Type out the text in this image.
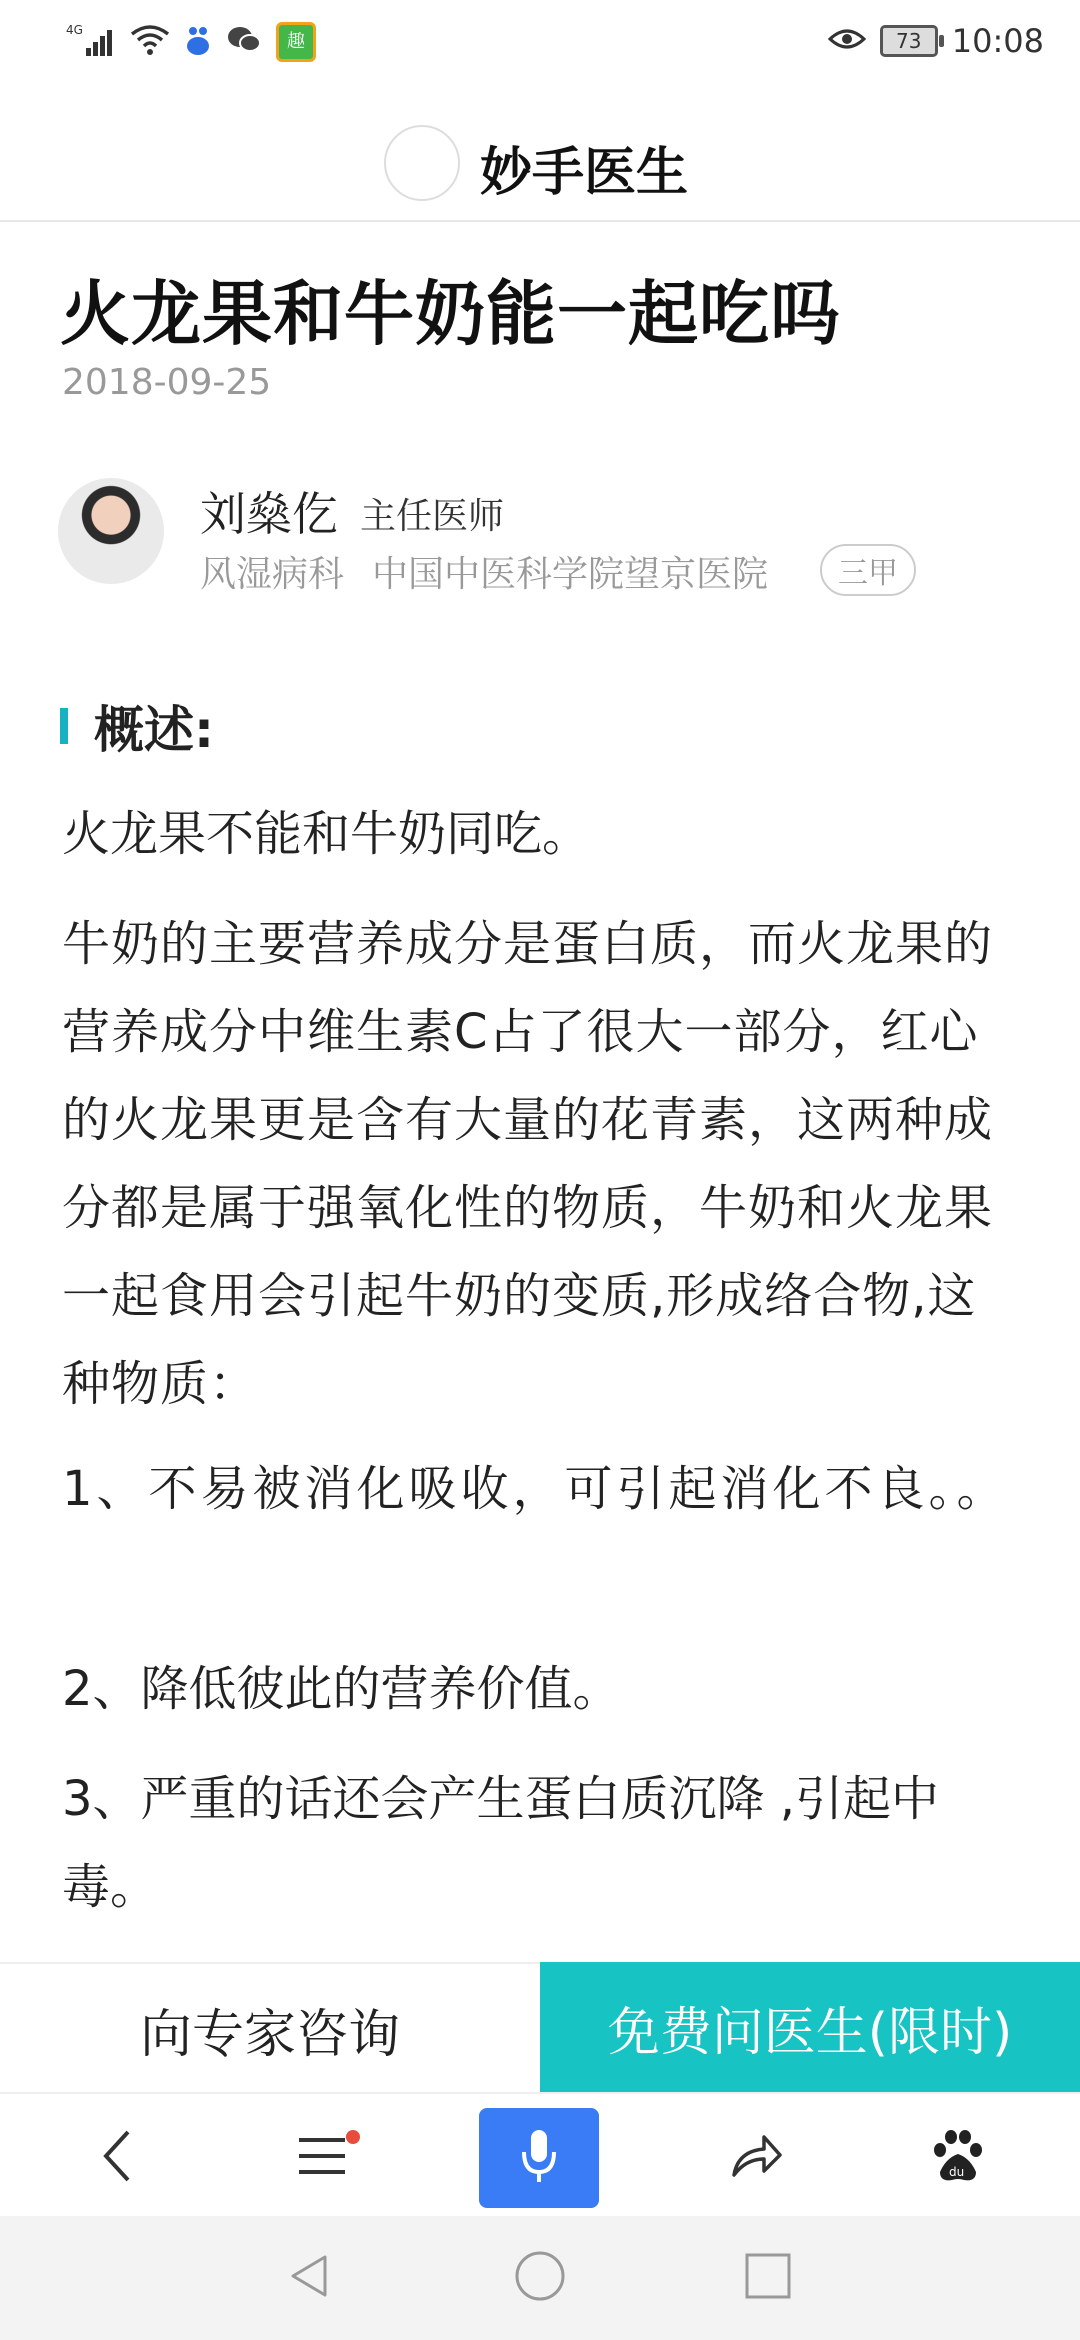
4G
趣	73 10:08
妙手医生
火龙果和牛奶能一起吃吗
2018-09-25
刘燊仡 主任医师
风湿病科 中国中医科学院望京医院	三甲
概述:
火龙果不能和牛奶同吃。
牛奶的主要营养成分是蛋白质，而火龙果的营养成分中维生素C占了很大一部分，红心的火龙果更是含有大量的花青素，这两种成分都是属于强氧化性的物质，牛奶和火龙果一起食用会引起牛奶的变质,形成络合物,这种物质：
1、不易被消化吸收，可引起消化不良。。
2、降低彼此的营养价值。
3、严重的话还会产生蛋白质沉降 ,引起中毒。
向专家咨询	免费问医生(限时)
du
